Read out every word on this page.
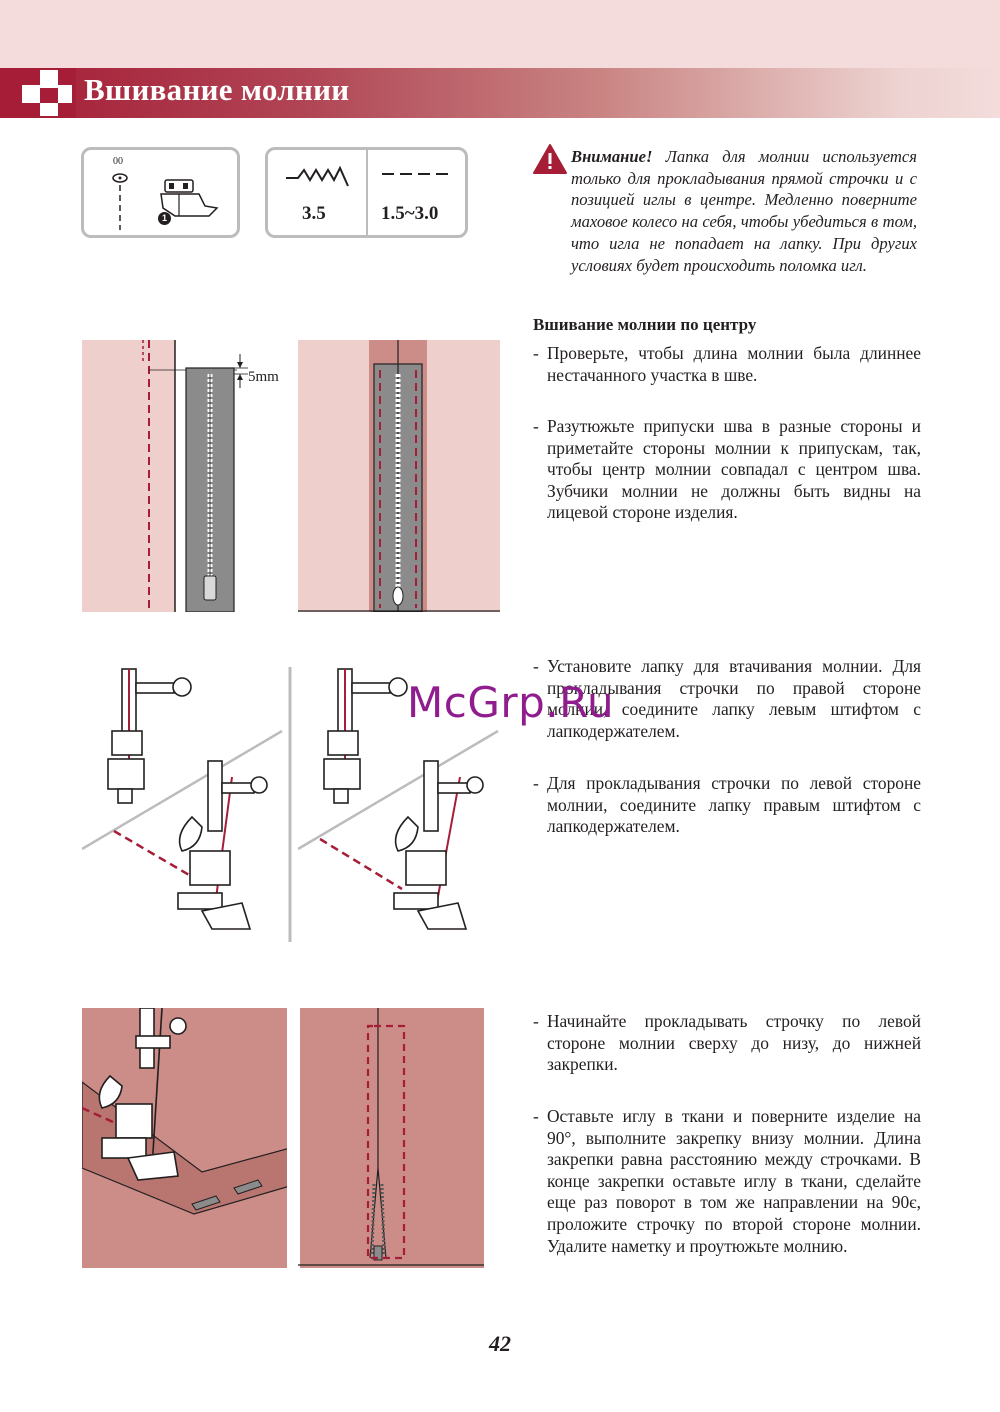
Вшивание молнии
00
1	3.5	1.5~3.0
Внимание! Лапка для молнии используется только для прокладывания прямой строчки и с позицией иглы в центре. Медленно поверните маховое колесо на себя, чтобы убедиться в том, что игла не попадает на лапку. При других условиях будет происходить поломка игл.
Вшивание молнии по центру
- Проверьте, чтобы длина молнии была длиннее нестачанного участка в шве.
- Разутюжьте припуски шва в разные стороны и приметайте стороны молнии к припускам, так, чтобы центр молнии совпадал с центром шва. Зубчики молнии не должны быть видны на лицевой стороне изделия.
- Установите лапку для втачивания молнии. Для прокладывания строчки по правой стороне молнии, соедините лапку левым штифтом с лапкодержателем.
- Для прокладывания строчки по левой стороне молнии, соедините лапку правым штифтом с лапкодержателем.
- Начинайте прокладывать строчку по левой стороне молнии сверху до низу, до нижней закрепки.
- Оставьте иглу в ткани и поверните изделие на 90°, выполните закрепку внизу молнии. Длина закрепки равна расстоянию между строчками. В конце закрепки оставьте иглу в ткани, сделайте еще раз поворот в том же направлении на 90є, проложите строчку по второй стороне молнии. Удалите наметку и проутюжьте молнию.
5mm
McGrp.Ru
42
